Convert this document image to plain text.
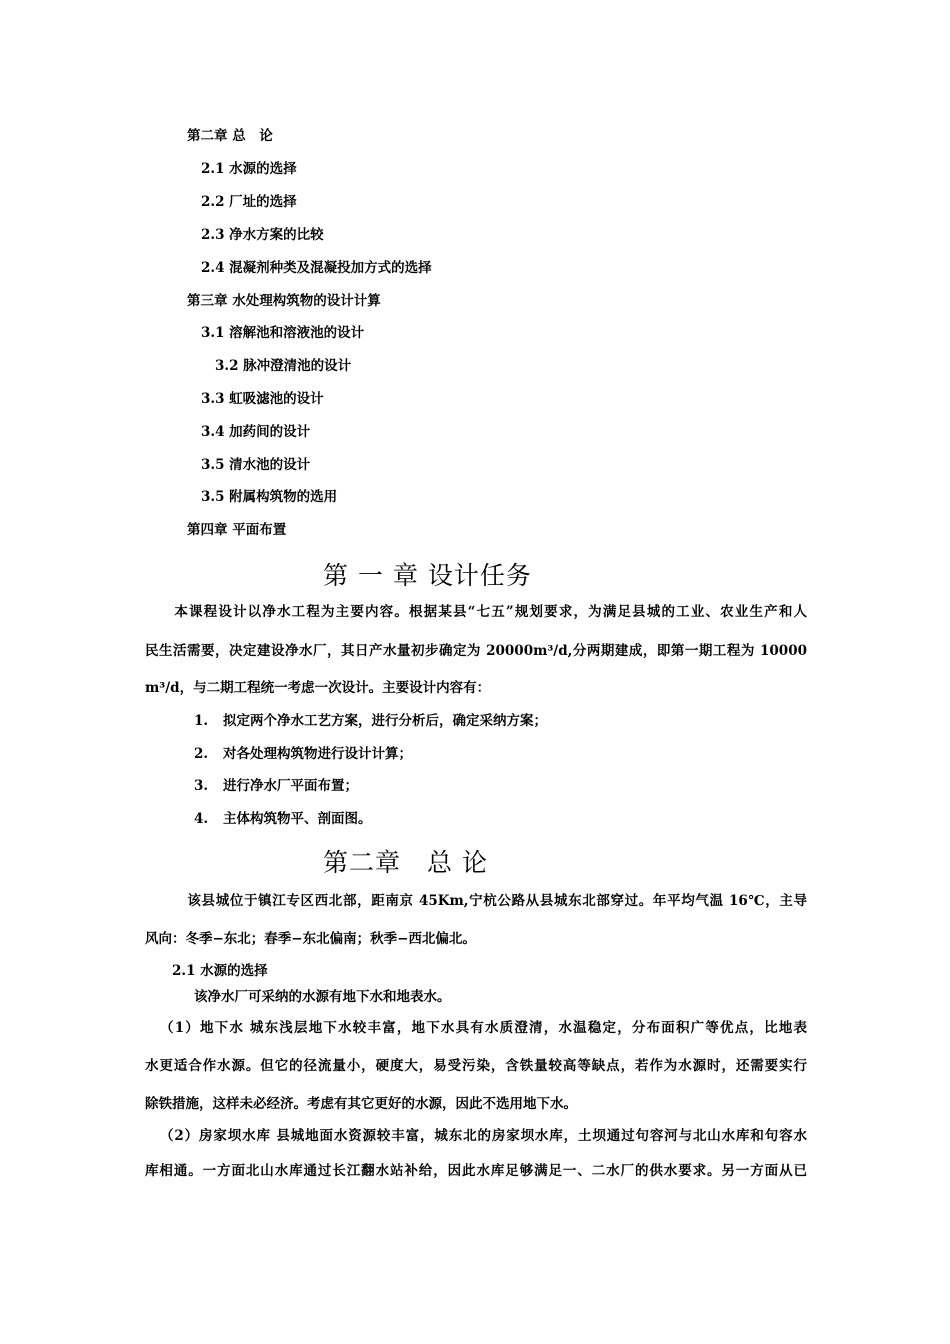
第二章 总　论
2.1 水源的选择
2.2 厂址的选择
2.3 净水方案的比较
2.4 混凝剂种类及混凝投加方式的选择
第三章 水处理构筑物的设计计算
3.1 溶解池和溶液池的设计
3.2 脉冲澄清池的设计
3.3 虹吸滤池的设计
3.4 加药间的设计
3.5 清水池的设计
3.5 附属构筑物的选用
第四章 平面布置
第 一 章 设计任务
　　本课程设计以净水工程为主要内容。根据某县“七五”规划要求，为满足县城的工业、农业生产和人
民生活需要，决定建设净水厂，其日产水量初步确定为 20000m³/d,分两期建成，即第一期工程为 10000
m³/d，与二期工程统一考虑一次设计。主要设计内容有：
1.	拟定两个净水工艺方案，进行分析后，确定采纳方案；
2.	对各处理构筑物进行设计计算；
3.	进行净水厂平面布置；
4.	主体构筑物平、剖面图。
第二章　总 论
　　　该县城位于镇江专区西北部，距南京 45Km,宁杭公路从县城东北部穿过。年平均气温 16℃，主导
风向：冬季−东北；春季−东北偏南；秋季−西北偏北。
2.1 水源的选择
该净水厂可采纳的水源有地下水和地表水。
（1）地下水 城东浅层地下水较丰富，地下水具有水质澄清，水温稳定，分布面积广等优点，比地表
水更适合作水源。但它的径流量小，硬度大，易受污染，含铁量较高等缺点，若作为水源时，还需要实行
除铁措施，这样未必经济。考虑有其它更好的水源，因此不选用地下水。
（2）房家坝水库 县城地面水资源较丰富，城东北的房家坝水库，土坝通过句容河与北山水库和句容水
库相通。一方面北山水库通过长江翻水站补给，因此水库足够满足一、二水厂的供水要求。另一方面从已
